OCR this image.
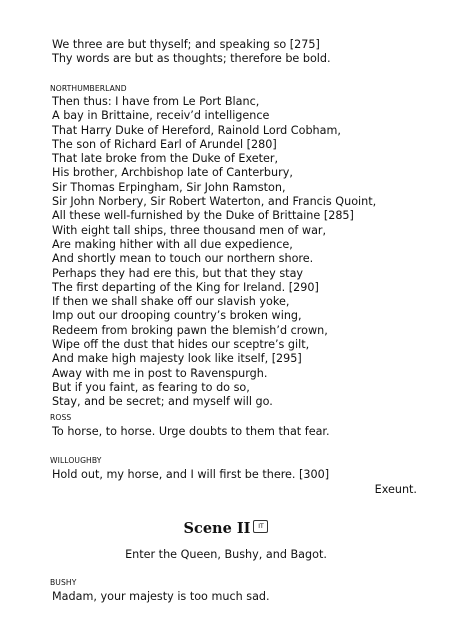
We three are but thyself; and speaking so [275]
Thy words are but as thoughts; therefore be bold.
NORTHUMBERLAND
Then thus: I have from Le Port Blanc,
A bay in Brittaine, receiv’d intelligence
That Harry Duke of Hereford, Rainold Lord Cobham,
The son of Richard Earl of Arundel [280]
That late broke from the Duke of Exeter,
His brother, Archbishop late of Canterbury,
Sir Thomas Erpingham, Sir John Ramston,
Sir John Norbery, Sir Robert Waterton, and Francis Quoint,
All these well-furnished by the Duke of Brittaine [285]
With eight tall ships, three thousand men of war,
Are making hither with all due expedience,
And shortly mean to touch our northern shore.
Perhaps they had ere this, but that they stay
The first departing of the King for Ireland. [290]
If then we shall shake off our slavish yoke,
Imp out our drooping country’s broken wing,
Redeem from broking pawn the blemish’d crown,
Wipe off the dust that hides our sceptre’s gilt,
And make high majesty look like itself, [295]
Away with me in post to Ravenspurgh.
But if you faint, as fearing to do so,
Stay, and be secret; and myself will go.
ROSS
To horse, to horse. Urge doubts to them that fear.
WILLOUGHBY
Hold out, my horse, and I will first be there. [300]
Exeunt.
Scene II IT
Enter the Queen, Bushy, and Bagot.
BUSHY
Madam, your majesty is too much sad.
